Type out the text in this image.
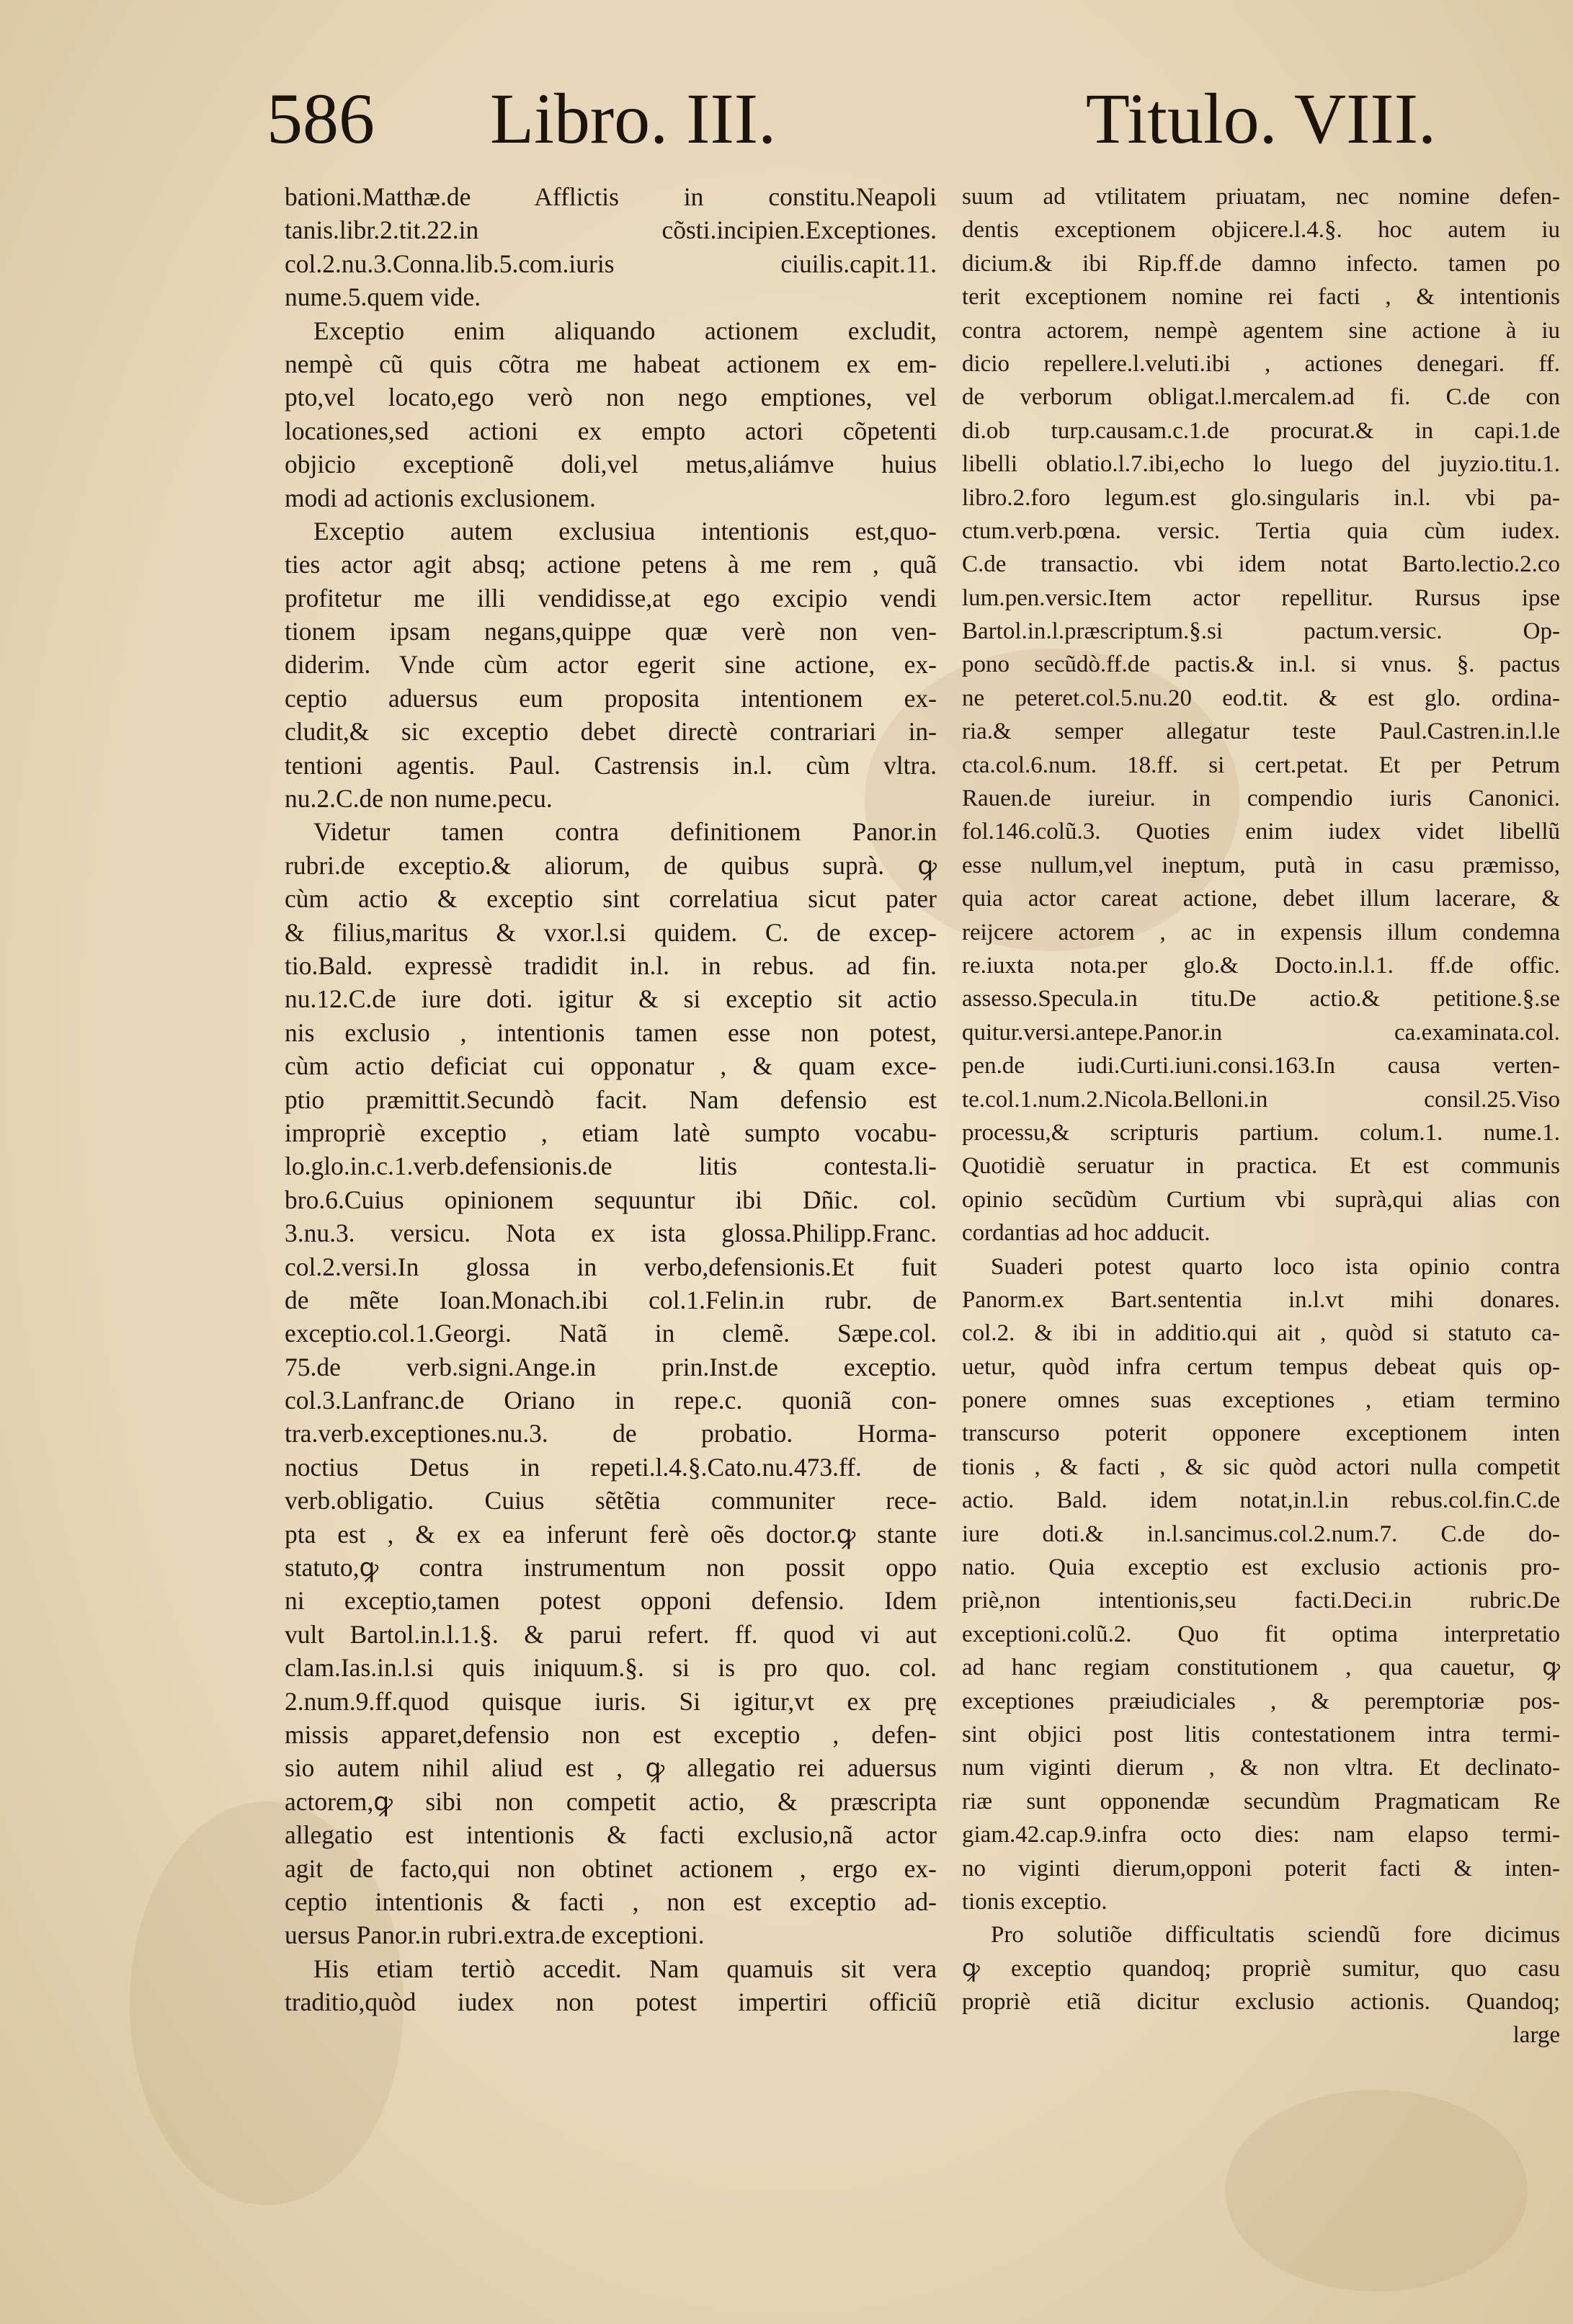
586 Libro. III.	Titulo. VIII.
bationi.Matthæ.de Afflictis in constitu.Neapoli
tanis.libr.2.tit.22.in cõsti.incipien.Exceptiones.
col.2.nu.3.Conna.lib.5.com.iuris ciuilis.capit.11.
nume.5.quem vide.
Exceptio enim aliquando actionem excludit,
nempè cũ quis cõtra me habeat actionem ex em-
pto,vel locato,ego verò non nego emptiones, vel
locationes,sed actioni ex empto actori cõpetenti
objicio exceptionẽ doli,vel metus,aliámve huius
modi ad actionis exclusionem.
Exceptio autem exclusiua intentionis est,quo-
ties actor agit absq; actione petens à me rem , quã
profitetur me illi vendidisse,at ego excipio vendi
tionem ipsam negans,quippe quæ verè non ven-
diderim. Vnde cùm actor egerit sine actione, ex-
ceptio aduersus eum proposita intentionem ex-
cludit,& sic exceptio debet directè contrariari in-
tentioni agentis. Paul. Castrensis in.l. cùm vltra.
nu.2.C.de non nume.pecu.
Videtur tamen contra definitionem Panor.in
rubri.de exceptio.& aliorum, de quibus suprà. ꝙ
cùm actio & exceptio sint correlatiua sicut pater
& filius,maritus & vxor.l.si quidem. C. de excep-
tio.Bald. expressè tradidit in.l. in rebus. ad fin.
nu.12.C.de iure doti. igitur & si exceptio sit actio
nis exclusio , intentionis tamen esse non potest,
cùm actio deficiat cui opponatur , & quam exce-
ptio præmittit.Secundò facit. Nam defensio est
impropriè exceptio , etiam latè sumpto vocabu-
lo.glo.in.c.1.verb.defensionis.de litis contesta.li-
bro.6.Cuius opinionem sequuntur ibi Dñic. col.
3.nu.3. versicu. Nota ex ista glossa.Philipp.Franc.
col.2.versi.In glossa in verbo,defensionis.Et fuit
de mẽte Ioan.Monach.ibi col.1.Felin.in rubr. de
exceptio.col.1.Georgi. Natã in clemẽ. Sæpe.col.
75.de verb.signi.Ange.in prin.Inst.de exceptio.
col.3.Lanfranc.de Oriano in repe.c. quoniã con-
tra.verb.exceptiones.nu.3. de probatio. Horma-
noctius Detus in repeti.l.4.§.Cato.nu.473.ff. de
verb.obligatio. Cuius sẽtẽtia communiter rece-
pta est , & ex ea inferunt ferè oẽs doctor.ꝙ stante
statuto,ꝙ contra instrumentum non possit oppo
ni exceptio,tamen potest opponi defensio. Idem
vult Bartol.in.l.1.§. & parui refert. ff. quod vi aut
clam.Ias.in.l.si quis iniquum.§. si is pro quo. col.
2.num.9.ff.quod quisque iuris. Si igitur,vt ex prę
missis apparet,defensio non est exceptio , defen-
sio autem nihil aliud est , ꝙ allegatio rei aduersus
actorem,ꝙ sibi non competit actio, & præscripta
allegatio est intentionis & facti exclusio,nã actor
agit de facto,qui non obtinet actionem , ergo ex-
ceptio intentionis & facti , non est exceptio ad-
uersus Panor.in rubri.extra.de exceptioni.
His etiam tertiò accedit. Nam quamuis sit vera
traditio,quòd iudex non potest impertiri officiũ
suum ad vtilitatem priuatam, nec nomine defen-
dentis exceptionem objicere.l.4.§. hoc autem iu
dicium.& ibi Rip.ff.de damno infecto. tamen po
terit exceptionem nomine rei facti , & intentionis
contra actorem, nempè agentem sine actione à iu
dicio repellere.l.veluti.ibi , actiones denegari. ff.
de verborum obligat.l.mercalem.ad fi. C.de con
di.ob turp.causam.c.1.de procurat.& in capi.1.de
libelli oblatio.l.7.ibi,echo lo luego del juyzio.titu.1.
libro.2.foro legum.est glo.singularis in.l. vbi pa-
ctum.verb.pœna. versic. Tertia quia cùm iudex.
C.de transactio. vbi idem notat Barto.lectio.2.co
lum.pen.versic.Item actor repellitur. Rursus ipse
Bartol.in.l.præscriptum.§.si pactum.versic. Op-
pono secũdò.ff.de pactis.& in.l. si vnus. §. pactus
ne peteret.col.5.nu.20 eod.tit. & est glo. ordina-
ria.& semper allegatur teste Paul.Castren.in.l.le
cta.col.6.num. 18.ff. si cert.petat. Et per Petrum
Rauen.de iureiur. in compendio iuris Canonici.
fol.146.colũ.3. Quoties enim iudex videt libellũ
esse nullum,vel ineptum, putà in casu præmisso,
quia actor careat actione, debet illum lacerare, &
reijcere actorem , ac in expensis illum condemna
re.iuxta nota.per glo.& Docto.in.l.1. ff.de offic.
assesso.Specula.in titu.De actio.& petitione.§.se
quitur.versi.antepe.Panor.in ca.examinata.col.
pen.de iudi.Curti.iuni.consi.163.In causa verten-
te.col.1.num.2.Nicola.Belloni.in consil.25.Viso
processu,& scripturis partium. colum.1. nume.1.
Quotidiè seruatur in practica. Et est communis
opinio secũdùm Curtium vbi suprà,qui alias con
cordantias ad hoc adducit.
Suaderi potest quarto loco ista opinio contra
Panorm.ex Bart.sententia in.l.vt mihi donares.
col.2. & ibi in additio.qui ait , quòd si statuto ca-
uetur, quòd infra certum tempus debeat quis op-
ponere omnes suas exceptiones , etiam termino
transcurso poterit opponere exceptionem inten
tionis , & facti , & sic quòd actori nulla competit
actio. Bald. idem notat,in.l.in rebus.col.fin.C.de
iure doti.& in.l.sancimus.col.2.num.7. C.de do-
natio. Quia exceptio est exclusio actionis pro-
priè,non intentionis,seu facti.Deci.in rubric.De
exceptioni.colũ.2. Quo fit optima interpretatio
ad hanc regiam constitutionem , qua cauetur, ꝙ
exceptiones præiudiciales , & peremptoriæ pos-
sint objici post litis contestationem intra termi-
num viginti dierum , & non vltra. Et declinato-
riæ sunt opponendæ secundùm Pragmaticam Re
giam.42.cap.9.infra octo dies: nam elapso termi-
no viginti dierum,opponi poterit facti & inten-
tionis exceptio.
Pro solutiõe difficultatis sciendũ fore dicimus
ꝙ exceptio quandoq; propriè sumitur, quo casu
propriè etiã dicitur exclusio actionis. Quandoq;
large
